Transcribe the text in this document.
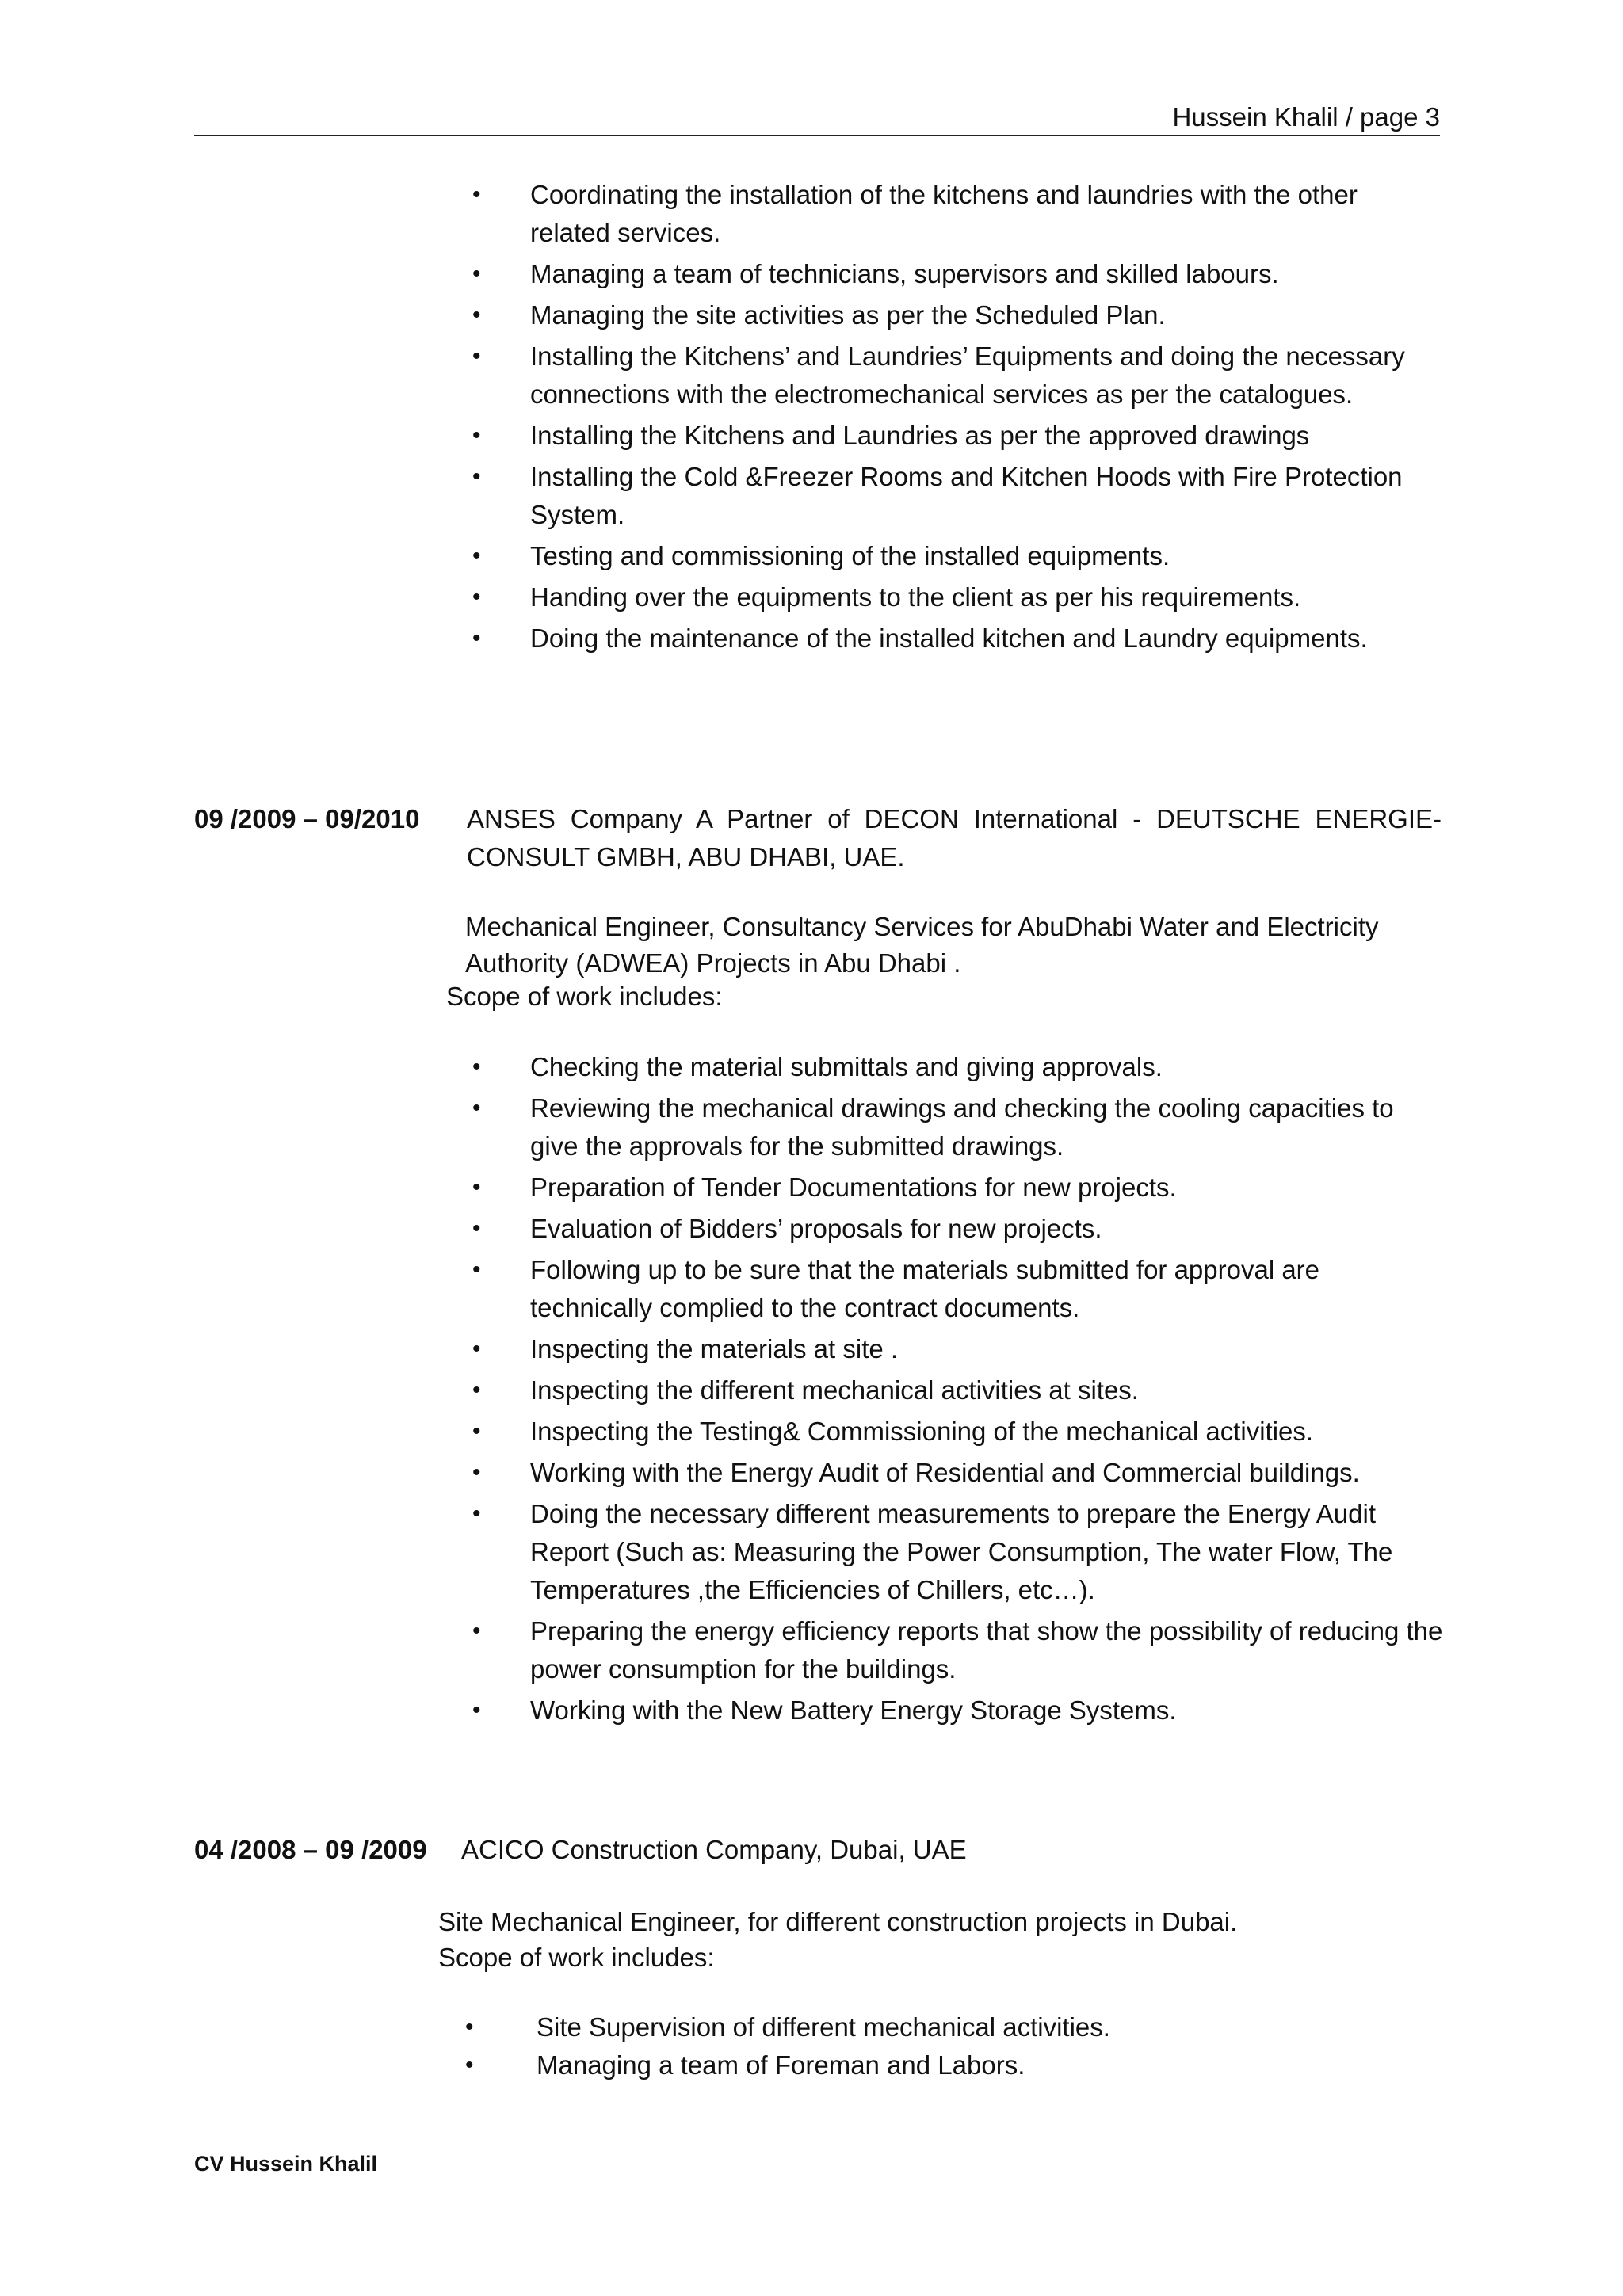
Hussein Khalil / page 3
• Coordinating the installation of the kitchens and laundries with the other related services.
• Managing a team of technicians, supervisors and skilled labours.
• Managing the site activities as per the Scheduled Plan.
• Installing the Kitchens’ and Laundries’ Equipments and doing the necessary connections with the electromechanical services as per the catalogues.
• Installing the Kitchens and Laundries as per the approved drawings
• Installing the Cold &Freezer Rooms and Kitchen Hoods with Fire Protection System.
• Testing and commissioning of the installed equipments.
• Handing over the equipments to the client as per his requirements.
• Doing the maintenance of the installed kitchen and Laundry equipments.
09 /2009 – 09/2010 ANSES Company A Partner of DECON International - DEUTSCHE ENERGIE-CONSULT GMBH, ABU DHABI, UAE.
Mechanical Engineer, Consultancy Services for AbuDhabi Water and Electricity Authority (ADWEA) Projects in Abu Dhabi .
Scope of work includes:
• Checking the material submittals and giving approvals.
• Reviewing the mechanical drawings and checking the cooling capacities to give the approvals for the submitted drawings.
• Preparation of Tender Documentations for new projects.
• Evaluation of Bidders’ proposals for new projects.
• Following up to be sure that the materials submitted for approval are technically complied to the contract documents.
• Inspecting the materials at site .
• Inspecting the different mechanical activities at sites.
• Inspecting the Testing& Commissioning of the mechanical activities.
• Working with the Energy Audit of Residential and Commercial buildings.
• Doing the necessary different measurements to prepare the Energy Audit Report (Such as: Measuring the Power Consumption, The water Flow, The Temperatures ,the Efficiencies of Chillers, etc…).
• Preparing the energy efficiency reports that show the possibility of reducing the power consumption for the buildings.
• Working with the New Battery Energy Storage Systems.
04 /2008 – 09 /2009 ACICO Construction Company, Dubai, UAE
Site Mechanical Engineer, for different construction projects in Dubai.
Scope of work includes:
• Site Supervision of different mechanical activities.
• Managing a team of Foreman and Labors.
CV Hussein Khalil
